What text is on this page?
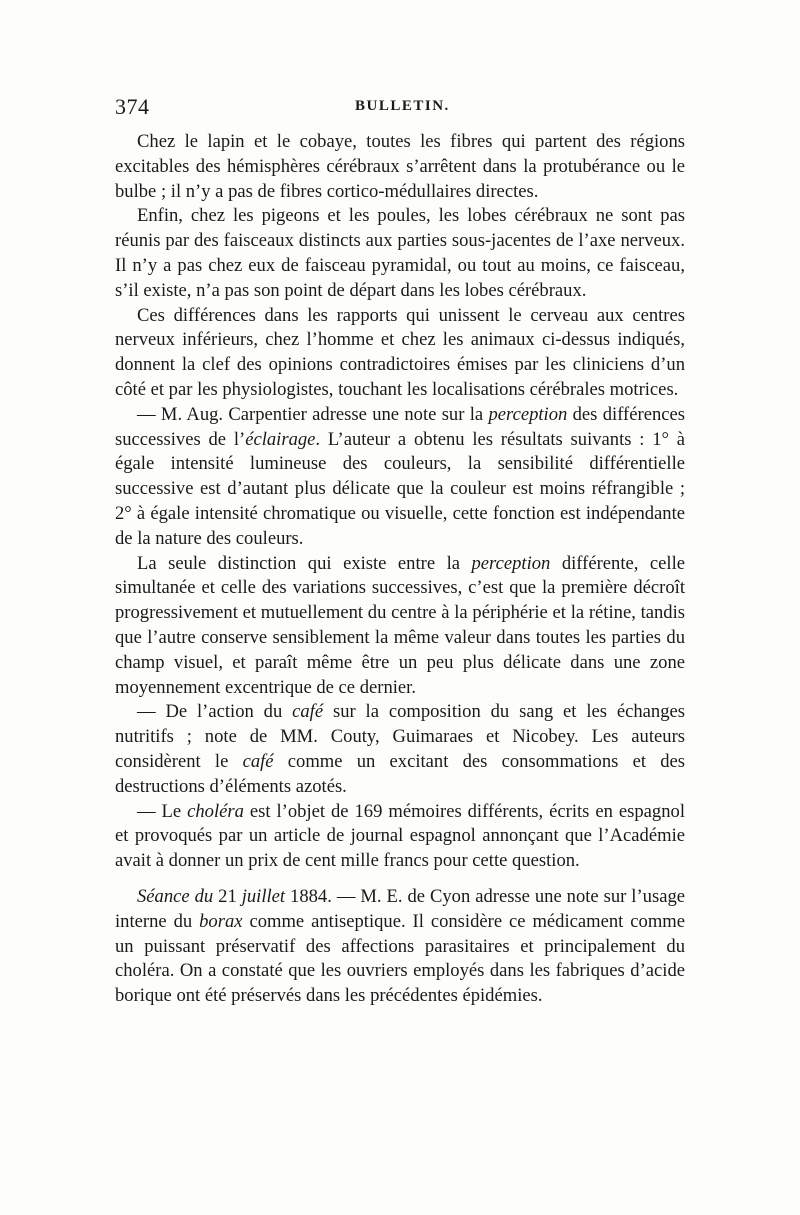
374	BULLETIN.

Chez le lapin et le cobaye, toutes les fibres qui partent des régions excitables des hémisphères cérébraux s’arrêtent dans la protubérance ou le bulbe ; il n’y a pas de fibres cortico-médullaires directes.

Enfin, chez les pigeons et les poules, les lobes cérébraux ne sont pas réunis par des faisceaux distincts aux parties sous-jacentes de l’axe nerveux. Il n’y a pas chez eux de faisceau pyramidal, ou tout au moins, ce faisceau, s’il existe, n’a pas son point de départ dans les lobes cérébraux.

Ces différences dans les rapports qui unissent le cerveau aux centres nerveux inférieurs, chez l’homme et chez les animaux ci-dessus indiqués, donnent la clef des opinions contradictoires émises par les cliniciens d’un côté et par les physiologistes, touchant les localisations cérébrales motrices.

— M. Aug. Carpentier adresse une note sur la perception des différences successives de l’éclairage. L’auteur a obtenu les résultats suivants : 1° à égale intensité lumineuse des couleurs, la sensibilité différentielle successive est d’autant plus délicate que la couleur est moins réfrangible ; 2° à égale intensité chromatique ou visuelle, cette fonction est indépendante de la nature des couleurs.

La seule distinction qui existe entre la perception différente, celle simultanée et celle des variations successives, c’est que la première décroît progressivement et mutuellement du centre à la périphérie et la rétine, tandis que l’autre conserve sensiblement la même valeur dans toutes les parties du champ visuel, et paraît même être un peu plus délicate dans une zone moyennement excentrique de ce dernier.

— De l’action du café sur la composition du sang et les échanges nutritifs ; note de MM. Couty, Guimaraes et Nicobey. Les auteurs considèrent le café comme un excitant des consommations et des destructions d’éléments azotés.

— Le choléra est l’objet de 169 mémoires différents, écrits en espagnol et provoqués par un article de journal espagnol annonçant que l’Académie avait à donner un prix de cent mille francs pour cette question.

Séance du 21 juillet 1884. — M. E. de Cyon adresse une note sur l’usage interne du borax comme antiseptique. Il considère ce médicament comme un puissant préservatif des affections parasitaires et principalement du choléra. On a constaté que les ouvriers employés dans les fabriques d’acide borique ont été préservés dans les précédentes épidémies.
